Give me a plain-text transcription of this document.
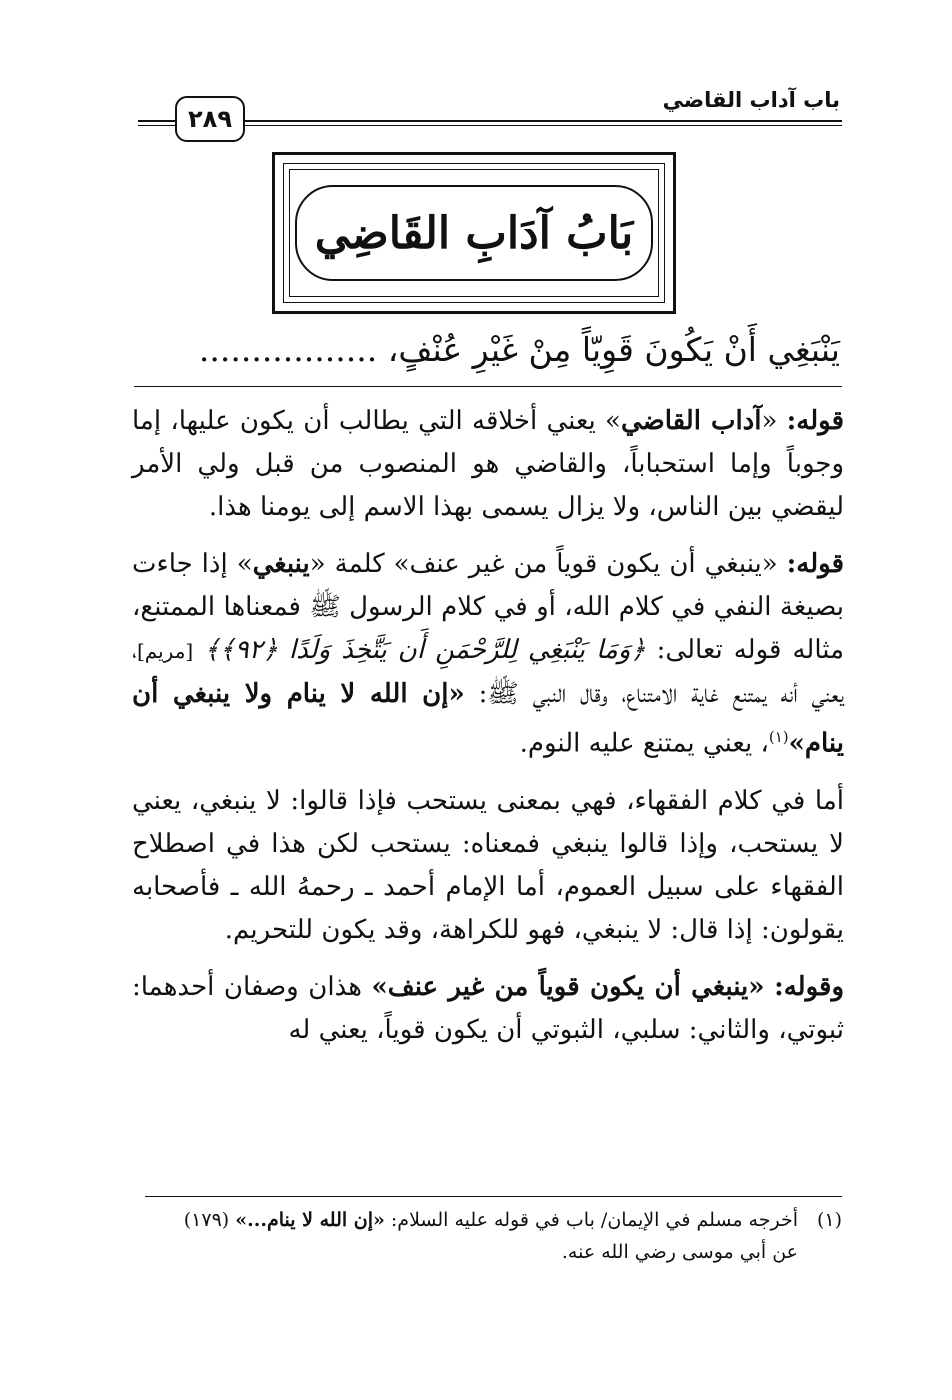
باب آداب القاضي
٢٨٩
بَابُ آدَابِ القَاضِي
يَنْبَغِي أَنْ يَكُونَ قَوِيّاً مِنْ غَيْرِ عُنْفٍ، .................

قوله: «آداب القاضي» يعني أخلاقه التي يطالب أن يكون عليها، إما وجوباً وإما استحباباً، والقاضي هو المنصوب من قبل ولي الأمر ليقضي بين الناس، ولا يزال يسمى بهذا الاسم إلى يومنا هذا.

قوله: «ينبغي أن يكون قوياً من غير عنف» كلمة «ينبغي» إذا جاءت بصيغة النفي في كلام الله، أو في كلام الرسول ﷺ فمعناها الممتنع، مثاله قوله تعالى: ﴿وَمَا يَنْبَغِي لِلرَّحْمَنِ أَن يَتَّخِذَ وَلَدًا ﴿٩٢﴾﴾ [مريم]، يعني أنه يمتنع غاية الامتناع، وقال النبي ﷺ: «إن الله لا ينام ولا ينبغي أن ينام»$^{(١)}$، يعني يمتنع عليه النوم.

أما في كلام الفقهاء، فهي بمعنى يستحب فإذا قالوا: لا ينبغي، يعني لا يستحب، وإذا قالوا ينبغي فمعناه: يستحب لكن هذا في اصطلاح الفقهاء على سبيل العموم، أما الإمام أحمد ـ رحمهُ الله ـ فأصحابه يقولون: إذا قال: لا ينبغي، فهو للكراهة، وقد يكون للتحريم.

وقوله: «ينبغي أن يكون قوياً من غير عنف» هذان وصفان أحدهما: ثبوتي، والثاني: سلبي، الثبوتي أن يكون قوياً، يعني له

(١)أخرجه مسلم في الإيمان/ باب في قوله عليه السلام: «إن الله لا ينام...» (١٧٩)
عن أبي موسى رضي الله عنه.
